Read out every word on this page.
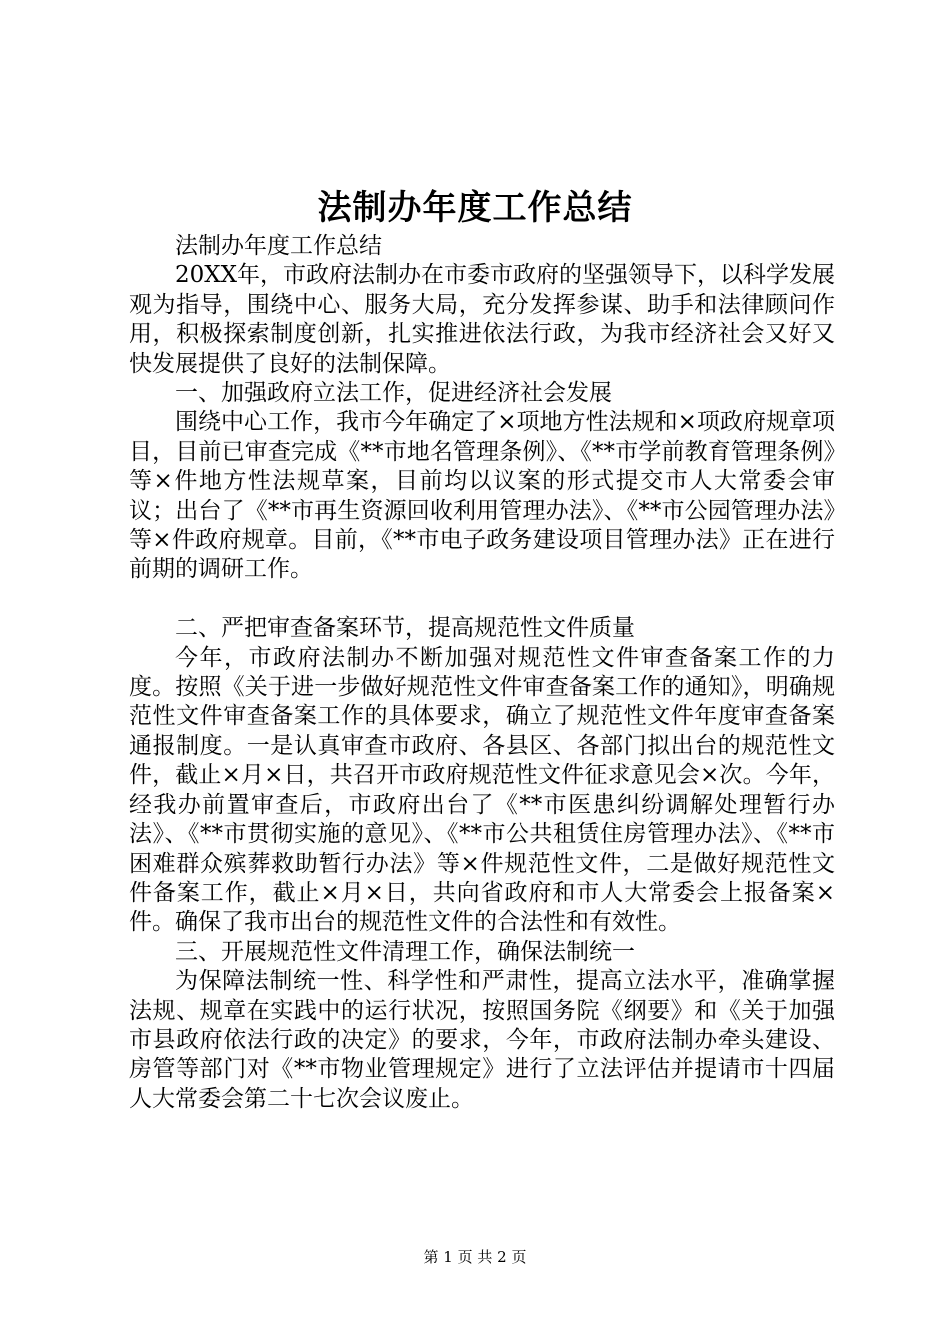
法制办年度工作总结

法制办年度工作总结

20XX年，市政府法制办在市委市政府的坚强领导下，以科学发展观为指导，围绕中心、服务大局，充分发挥参谋、助手和法律顾问作用，积极探索制度创新，扎实推进依法行政，为我市经济社会又好又快发展提供了良好的法制保障。

一、加强政府立法工作，促进经济社会发展

围绕中心工作，我市今年确定了×项地方性法规和×项政府规章项目，目前已审查完成《**市地名管理条例》、《**市学前教育管理条例》等×件地方性法规草案，目前均以议案的形式提交市人大常委会审议；出台了《**市再生资源回收利用管理办法》、《**市公园管理办法》等×件政府规章。目前，《**市电子政务建设项目管理办法》正在进行前期的调研工作。

二、严把审查备案环节，提高规范性文件质量

今年，市政府法制办不断加强对规范性文件审查备案工作的力度。按照《关于进一步做好规范性文件审查备案工作的通知》，明确规范性文件审查备案工作的具体要求，确立了规范性文件年度审查备案通报制度。一是认真审查市政府、各县区、各部门拟出台的规范性文件，截止×月×日，共召开市政府规范性文件征求意见会×次。今年，经我办前置审查后，市政府出台了《**市医患纠纷调解处理暂行办法》、《**市贯彻实施的意见》、《**市公共租赁住房管理办法》、《**市困难群众殡葬救助暂行办法》等×件规范性文件，二是做好规范性文件备案工作，截止×月×日，共向省政府和市人大常委会上报备案×件。确保了我市出台的规范性文件的合法性和有效性。

三、开展规范性文件清理工作，确保法制统一

为保障法制统一性、科学性和严肃性，提高立法水平，准确掌握法规、规章在实践中的运行状况，按照国务院《纲要》和《关于加强市县政府依法行政的决定》的要求，今年，市政府法制办牵头建设、房管等部门对《**市物业管理规定》进行了立法评估并提请市十四届人大常委会第二十七次会议废止。

第 1 页 共 2 页
